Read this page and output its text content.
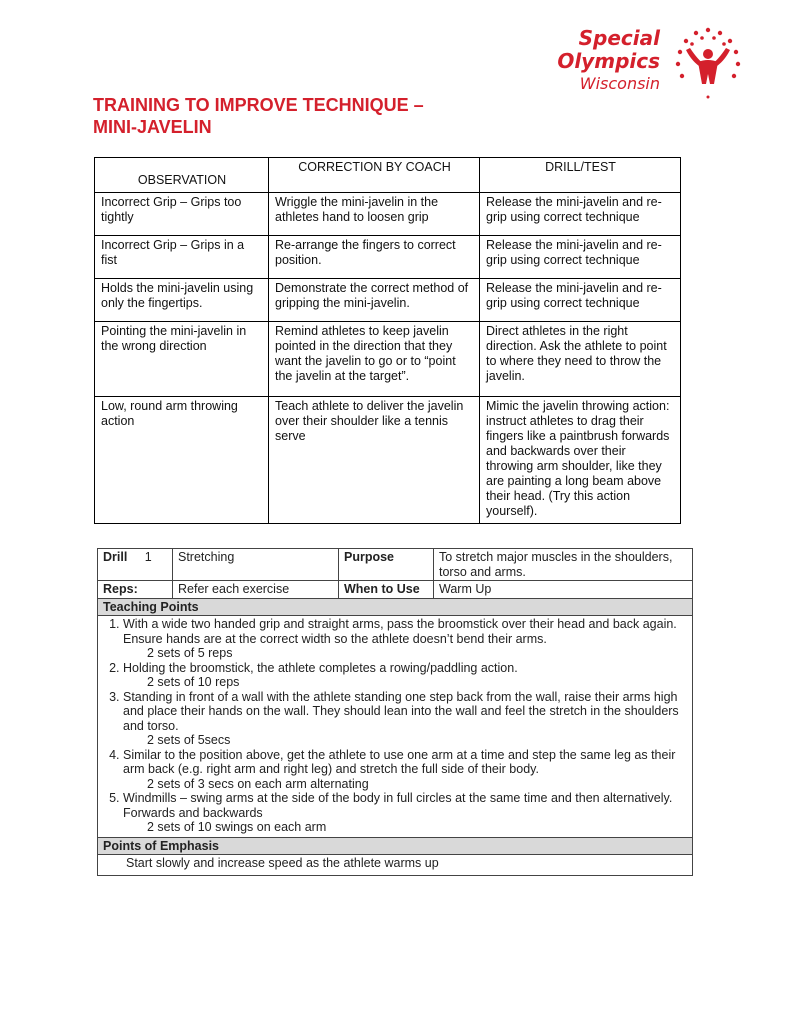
Special
Olympics
Wisconsin
TRAINING TO IMPROVE TECHNIQUE –
MINI-JAVELIN
OBSERVATION	CORRECTION BY COACH	DRILL/TEST
Incorrect Grip – Grips too tightly	Wriggle the mini-javelin in the athletes hand to loosen grip	Release the mini-javelin and re-grip using correct technique
Incorrect Grip – Grips in a fist	Re-arrange the fingers to correct position.	Release the mini-javelin and re-grip using correct technique
Holds the mini-javelin using only the fingertips.	Demonstrate the correct method of gripping the mini-javelin.	Release the mini-javelin and re-grip using correct technique
Pointing the mini-javelin in the wrong direction	Remind athletes to keep javelin pointed in the direction that they want the javelin to go or to “point the javelin at the target”.	Direct athletes in the right direction. Ask the athlete to point to where they need to throw the javelin.
Low, round arm throwing action	Teach athlete to deliver the javelin over their shoulder like a tennis serve	Mimic the javelin throwing action: instruct athletes to drag their fingers like a paintbrush forwards and backwards over their throwing arm shoulder, like they are painting a long beam above their head. (Try this action yourself).
Drill 1	Stretching	Purpose	To stretch major muscles in the shoulders, torso and arms.
Reps:	Refer each exercise	When to Use	Warm Up
Teaching Points
1. With a wide two handed grip and straight arms, pass the broomstick over their head and back again. Ensure hands are at the correct width so the athlete doesn’t bend their arms.
2 sets of 5 reps
2. Holding the broomstick, the athlete completes a rowing/paddling action.
2 sets of 10 reps
3. Standing in front of a wall with the athlete standing one step back from the wall, raise their arms high and place their hands on the wall. They should lean into the wall and feel the stretch in the shoulders and torso.
2 sets of 5secs
4. Similar to the position above, get the athlete to use one arm at a time and step the same leg as their arm back (e.g. right arm and right leg) and stretch the full side of their body.
2 sets of 3 secs on each arm alternating
5. Windmills – swing arms at the side of the body in full circles at the same time and then alternatively. Forwards and backwards
2 sets of 10 swings on each arm
Points of Emphasis
Start slowly and increase speed as the athlete warms up
